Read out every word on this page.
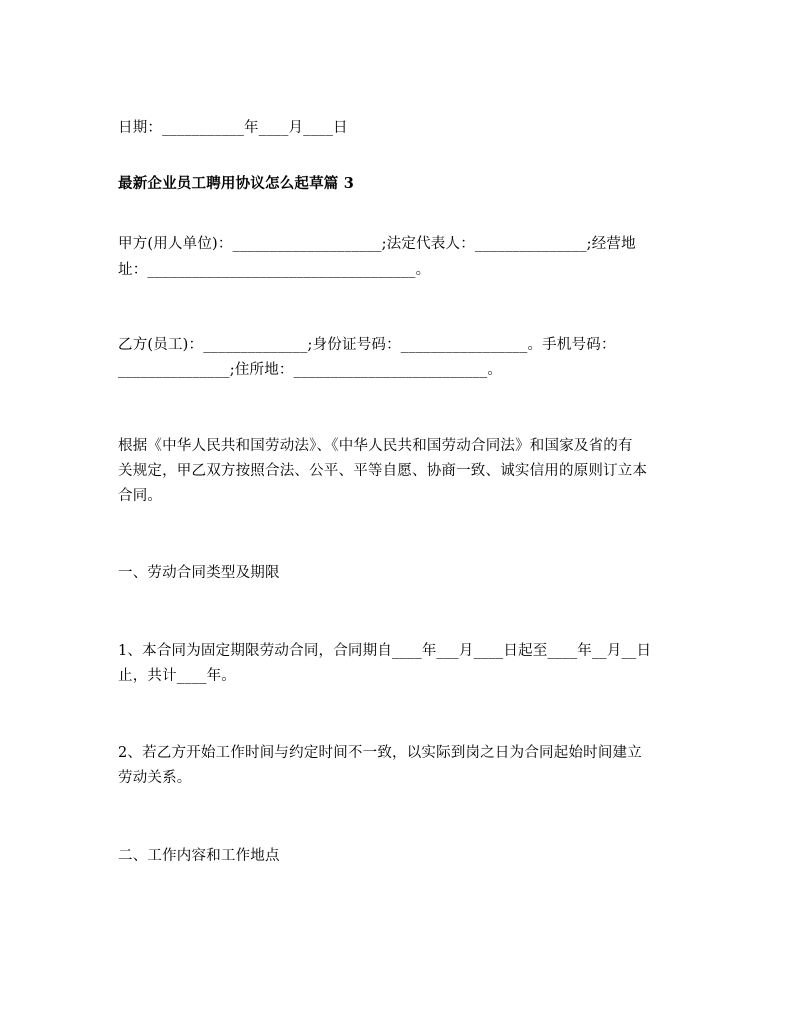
日期：___________年____月____日
最新企业员工聘用协议怎么起草篇 3
甲方(用人单位)：____________________;法定代表人：_______________;经营地
址：____________________________________。
乙方(员工)：______________;身份证号码：_________________。手机号码：
_______________;住所地：__________________________。
根据《中华人民共和国劳动法》、《中华人民共和国劳动合同法》和国家及省的有
关规定，甲乙双方按照合法、公平、平等自愿、协商一致、诚实信用的原则订立本
合同。
一、劳动合同类型及期限
1、本合同为固定期限劳动合同，合同期自____年___月____日起至____年__月__日
止，共计____年。
2、若乙方开始工作时间与约定时间不一致，以实际到岗之日为合同起始时间建立
劳动关系。
二、工作内容和工作地点
